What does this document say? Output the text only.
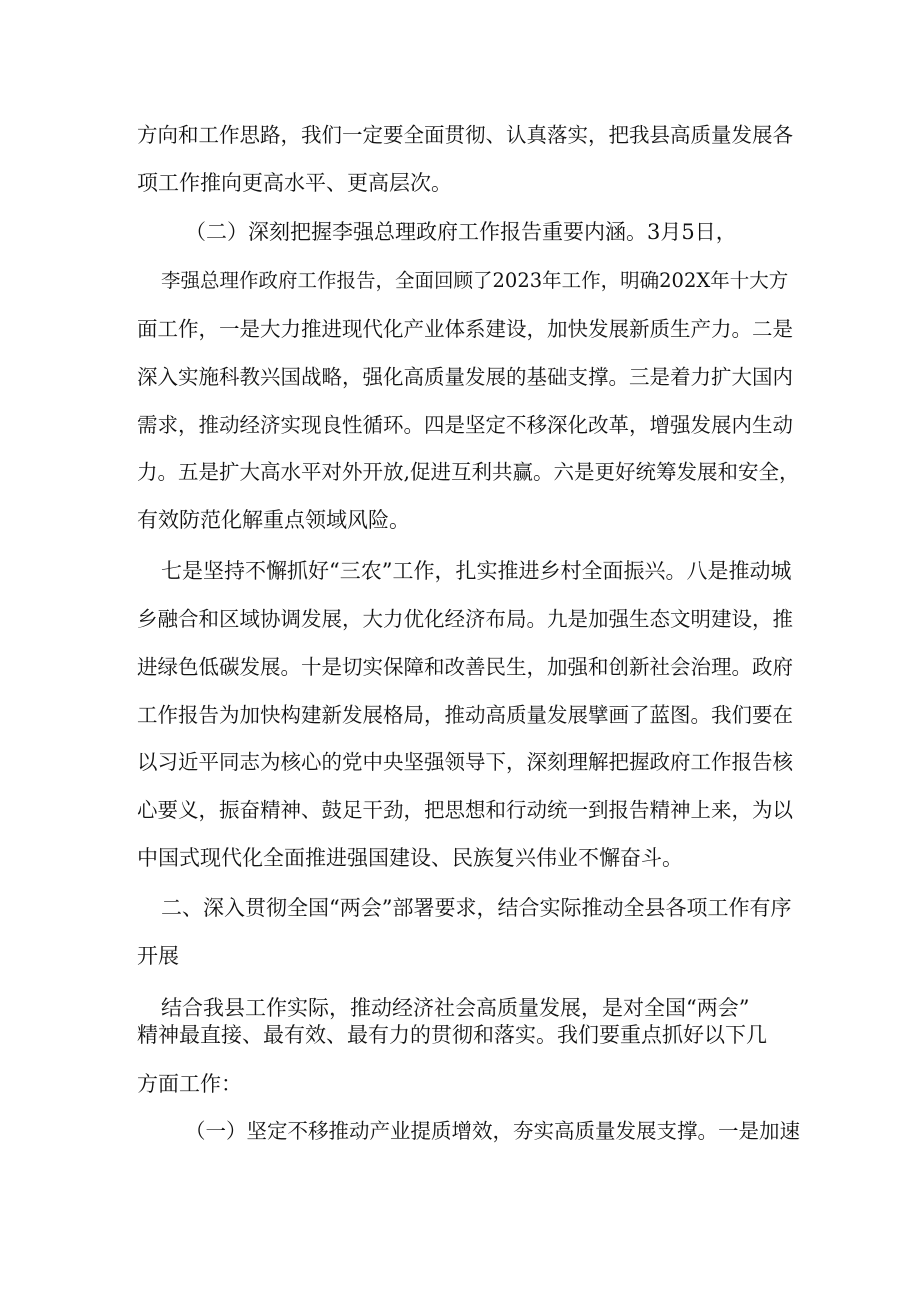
方向和工作思路，我们一定要全面贯彻、认真落实，把我县高质量发展各
项工作推向更高水平、更高层次。
（二）深刻把握李强总理政府工作报告重要内涵。3月5日，
李强总理作政府工作报告，全面回顾了2023年工作，明确202X年十大方
面工作，一是大力推进现代化产业体系建设，加快发展新质生产力。二是
深入实施科教兴国战略，强化高质量发展的基础支撑。三是着力扩大国内
需求，推动经济实现良性循环。四是坚定不移深化改革，增强发展内生动
力。五是扩大高水平对外开放,促进互利共赢。六是更好统筹发展和安全，
有效防范化解重点领域风险。
七是坚持不懈抓好“三农”工作，扎实推进乡村全面振兴。八是推动城
乡融合和区域协调发展，大力优化经济布局。九是加强生态文明建设，推
进绿色低碳发展。十是切实保障和改善民生，加强和创新社会治理。政府
工作报告为加快构建新发展格局，推动高质量发展擘画了蓝图。我们要在
以习近平同志为核心的党中央坚强领导下，深刻理解把握政府工作报告核
心要义，振奋精神、鼓足干劲，把思想和行动统一到报告精神上来，为以
中国式现代化全面推进强国建设、民族复兴伟业不懈奋斗。
二、深入贯彻全国“两会”部署要求，结合实际推动全县各项工作有序
开展
结合我县工作实际，推动经济社会高质量发展，是对全国“两会”
精神最直接、最有效、最有力的贯彻和落实。我们要重点抓好以下几
方面工作：
（一）坚定不移推动产业提质增效，夯实高质量发展支撑。一是加速
